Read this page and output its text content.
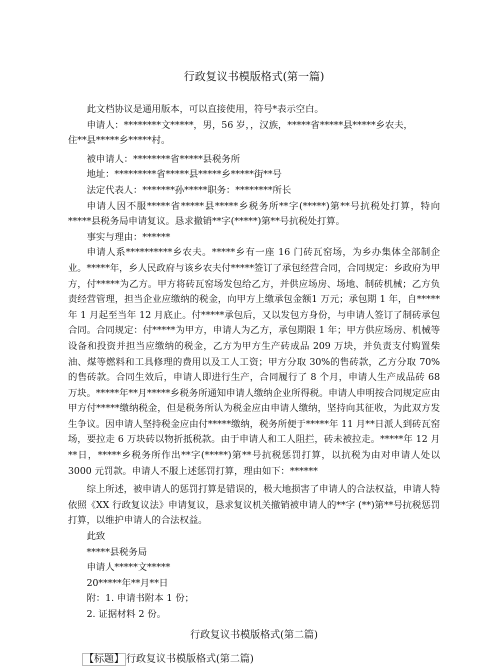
行政复议书模版格式(第一篇)

此文档协议是通用版本，可以直接使用，符号*表示空白。

申请人：********文*****，男，56 岁，，汉族，*****省*****县*****乡农夫，

住**县*****乡*****村。

被申请人：********省*****县税务所

地址：*********省*****县*****乡*****街**号

法定代表人：*******孙*****职务：********所长

申请人因不服*****省*****县*****乡税务所**字(*****)第**号抗税处打算，特向*****县税务局申请复议。恳求撤销**字(*****)第**号抗税处打算。

事实与理由：******

申请人系**********乡农夫。*****乡有一座 16 门砖瓦窑场，为乡办集体全部制企业。*****年，乡人民政府与该乡农夫付*****签订了承包经营合同，合同规定：乡政府为甲方，付*****为乙方。甲方将砖瓦窑场发包给乙方，并供应场房、场地、制砖机械；乙方负责经营管理，担当企业应缴纳的税金，向甲方上缴承包金额1 万元；承包期 1 年，自*****年 1 月起至当年 12 月底止。付*****承包后，又以发包方身份，与申请人签订了制砖承包合同。合同规定：付*****为甲方，申请人为乙方，承包期限 1 年；甲方供应场房、机械等设备和投资并担当应缴纳的税金，乙方为甲方生产砖成品 209 万块，并负责支付购置柴油、煤等燃料和工具修理的费用以及工人工资；甲方分取 30%的售砖款，乙方分取 70%的售砖款。合同生效后，申请人即进行生产，合同履行了 8 个月，申请人生产成品砖 68 万块。*****年**月*****乡税务所通知申请人缴纳企业所得税。申请人申明按合同规定应由甲方付*****缴纳税金，但是税务所认为税金应由申请人缴纳，坚持向其征收，为此双方发生争议。因申请人坚持税金应由付*****缴纳，税务所便于*****年 11 月**日派人到砖瓦窑场，要拉走 6 万块砖以物折抵税款。由于申请人和工人阻拦，砖未被拉走。*****年 12 月**日，*****乡税务所作出**字(*****)第**号抗税惩罚打算，以抗税为由对申请人处以 3000 元罚款。申请人不服上述惩罚打算，理由如下：******

综上所述，被申请人的惩罚打算是错误的，极大地损害了申请人的合法权益，申请人特依照《XX 行政复议法》申请复议，恳求复议机关撤销被申请人的**字 (**)第**号抗税惩罚打算，以维护申请人的合法权益。

此致

*****县税务局

申请人*****文*****

20*****年**月**日

附：1. 申请书附本 1 份；

2. 证据材料 2 份。

行政复议书模版格式(第二篇)
【标题】 行政复议书模版格式(第二篇)
